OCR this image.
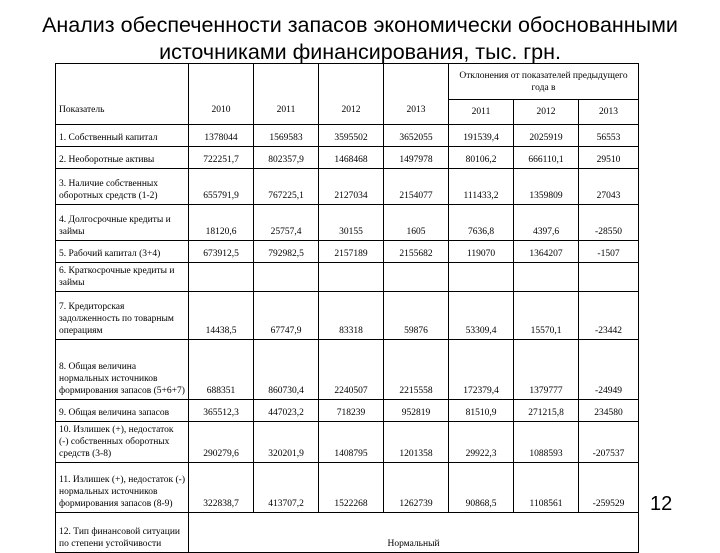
Анализ обеспеченности запасов экономически обоснованными
источниками финансирования, тыс. грн.
Показатель	2010	2011	2012	2013	Отклонения от показателей предыдущего года в		
					2011	2012	2013
1. Собственный капитал	1378044	1569583	3595502	3652055	191539,4	2025919	56553
2. Необоротные активы	722251,7	802357,9	1468468	1497978	80106,2	666110,1	29510
3. Наличие собственных оборотных средств (1-2)	655791,9	767225,1	2127034	2154077	111433,2	1359809	27043
4. Долгосрочные кредиты и займы	18120,6	25757,4	30155	1605	7636,8	4397,6	-28550
5. Рабочий капитал (3+4)	673912,5	792982,5	2157189	2155682	119070	1364207	-1507
6. Краткосрочные кредиты и займы							
7. Кредиторская задолженность по товарным операциям	14438,5	67747,9	83318	59876	53309,4	15570,1	-23442
8. Общая величина нормальных источников формирования запасов (5+6+7)	688351	860730,4	2240507	2215558	172379,4	1379777	-24949
9. Общая величина запасов	365512,3	447023,2	718239	952819	81510,9	271215,8	234580
10. Излишек (+), недостаток (-) собственных оборотных средств (3-8)	290279,6	320201,9	1408795	1201358	29922,3	1088593	-207537
11. Излишек (+), недостаток (-) нормальных источников формирования запасов (8-9)	322838,7	413707,2	1522268	1262739	90868,5	1108561	-259529
12. Тип финансовой ситуации по степени устойчивости	Нормальный						
12
